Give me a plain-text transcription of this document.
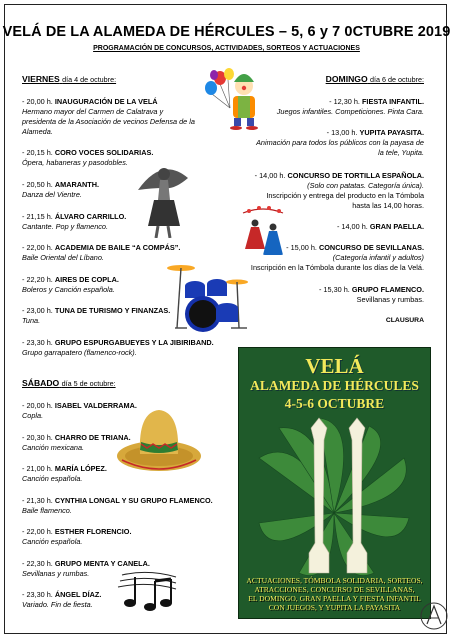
VELÁ DE LA ALAMEDA DE HÉRCULES – 5, 6 y 7 0CTUBRE 2019
PROGRAMACIÓN DE CONCURSOS, ACTIVIDADES, SORTEOS Y ACTUACIONES
VIERNES día 4 de octubre:
- 20,00 h. INAUGURACIÓN DE LA VELÁ
Hermano mayor del Carmen de Calatrava y
presidenta de la Asociación de vecinos Defensa de la
Alameda.
- 20,15 h. CORO VOCES SOLIDARIAS.
Ópera, habaneras y pasodobles.
- 20,50 h. AMARANTH.
Danza del Vientre.
- 21,15 h. ÁLVARO CARRILLO.
Cantante. Pop y flamenco.
- 22,00 h. ACADEMIA DE BAILE “A COMPÁS”.
Baile Oriental del Líbano.
- 22,20 h. AIRES DE COPLA.
Boleros y Canción española.
- 23,00 h. TUNA DE TURISMO Y FINANZAS.
Tuna.
- 23,30 h. GRUPO ESPURGABUEYES Y LA JIBIRIBAND.
Grupo garrapatero (flamenco-rock).
SÁBADO día 5 de octubre:
- 20,00 h. ISABEL VALDERRAMA.
Copla.
- 20,30 h. CHARRO DE TRIANA.
Canción mexicana.
- 21,00 h. MARÍA LÓPEZ.
Canción española.
- 21,30 h. CYNTHIA LONGAL Y SU GRUPO FLAMENCO.
Baile flamenco.
- 22,00 h. ESTHER FLORENCIO.
Canción española.
- 22,30 h. GRUPO MENTA Y CANELA.
Sevillanas y rumbas.
- 23,30 h. ÁNGEL DÍAZ.
Variado. Fin de fiesta.
DOMINGO día 6 de octubre:
- 12,30 h. FIESTA INFANTIL.
Juegos infantiles. Competiciones. Pinta Cara.
- 13,00 h. YUPITA PAYASITA.
Animación para todos los públicos con la payasa de
la tele, Yupita.
- 14,00 h. CONCURSO DE TORTILLA ESPAÑOLA.
(Solo con patatas. Categoría única).
Inscripción y entrega del producto en la Tómbola
hasta las 14,00 horas.
- 14,00 h. GRAN PAELLA.
- 15,00 h. CONCURSO DE SEVILLANAS.
(Categoría infantil y adultos)
Inscripción en la Tómbola durante los días de la Velá.
- 15,30 h. GRUPO FLAMENCO.
Sevillanas y rumbas.
CLAUSURA
VELÁ
ALAMEDA DE HÉRCULES
4-5-6 OCTUBRE
ACTUACIONES, TÓMBOLA SOLIDARIA, SORTEOS,
ATRACCIONES, CONCURSO DE SEVILLANAS,
EL DOMINGO, GRAN PAELLA Y FIESTA INFANTIL
CON JUEGOS, Y YUPITA LA PAYASITA
